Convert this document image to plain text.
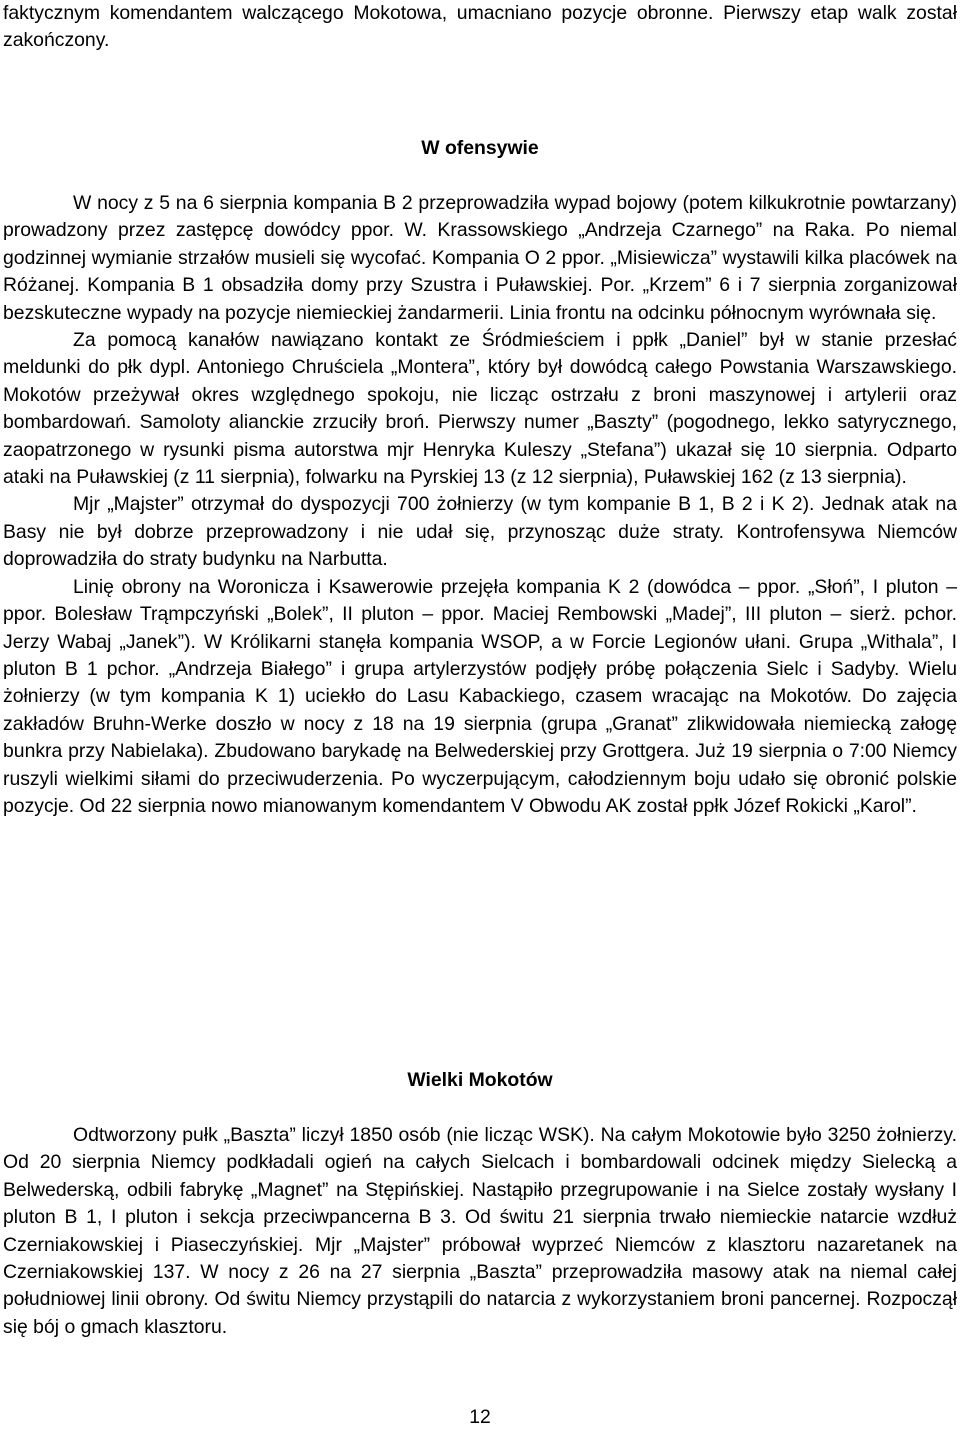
faktycznym komendantem walczącego Mokotowa, umacniano pozycje obronne. Pierwszy etap walk został zakończony.

W ofensywie

W nocy z 5 na 6 sierpnia kompania B 2 przeprowadziła wypad bojowy (potem kilkukrotnie powtarzany) prowadzony przez zastępcę dowódcy ppor. W. Krassowskiego „Andrzeja Czarnego” na Raka. Po niemal godzinnej wymianie strzałów musieli się wycofać. Kompania O 2 ppor. „Misiewicza” wystawili kilka placówek na Różanej. Kompania B 1 obsadziła domy przy Szustra i Puławskiej. Por. „Krzem” 6 i 7 sierpnia zorganizował bezskuteczne wypady na pozycje niemieckiej żandarmerii. Linia frontu na odcinku północnym wyrównała się.

Za pomocą kanałów nawiązano kontakt ze Śródmieściem i ppłk „Daniel” był w stanie przesłać meldunki do płk dypl. Antoniego Chruściela „Montera”, który był dowódcą całego Powstania Warszawskiego. Mokotów przeżywał okres względnego spokoju, nie licząc ostrzału z broni maszynowej i artylerii oraz bombardowań. Samoloty alianckie zrzuciły broń. Pierwszy numer „Baszty” (pogodnego, lekko satyrycznego, zaopatrzonego w rysunki pisma autorstwa mjr Henryka Kuleszy „Stefana”) ukazał się 10 sierpnia. Odparto ataki na Puławskiej (z 11 sierpnia), folwarku na Pyrskiej 13 (z 12 sierpnia), Puławskiej 162 (z 13 sierpnia).

Mjr „Majster” otrzymał do dyspozycji 700 żołnierzy (w tym kompanie B 1, B 2 i K 2). Jednak atak na Basy nie był dobrze przeprowadzony i nie udał się, przynosząc duże straty. Kontrofensywa Niemców doprowadziła do straty budynku na Narbutta.

Linię obrony na Woronicza i Ksawerowie przejęła kompania K 2 (dowódca – ppor. „Słoń”, I pluton – ppor. Bolesław Trąmpczyński „Bolek”, II pluton – ppor. Maciej Rembowski „Madej”, III pluton – sierż. pchor. Jerzy Wabaj „Janek”). W Królikarni stanęła kompania WSOP, a w Forcie Legionów ułani. Grupa „Withala”, I pluton B 1 pchor. „Andrzeja Białego” i grupa artylerzystów podjęły próbę połączenia Sielc i Sadyby. Wielu żołnierzy (w tym kompania K 1) uciekło do Lasu Kabackiego, czasem wracając na Mokotów. Do zajęcia zakładów Bruhn-Werke doszło w nocy z 18 na 19 sierpnia (grupa „Granat” zlikwidowała niemiecką załogę bunkra przy Nabielaka). Zbudowano barykadę na Belwederskiej przy Grottgera. Już 19 sierpnia o 7:00 Niemcy ruszyli wielkimi siłami do przeciwuderzenia. Po wyczerpującym, całodziennym boju udało się obronić polskie pozycje. Od 22 sierpnia nowo mianowanym komendantem V Obwodu AK został ppłk Józef Rokicki „Karol”.

Wielki Mokotów

Odtworzony pułk „Baszta” liczył 1850 osób (nie licząc WSK). Na całym Mokotowie było 3250 żołnierzy. Od 20 sierpnia Niemcy podkładali ogień na całych Sielcach i bombardowali odcinek między Sielecką a Belwederską, odbili fabrykę „Magnet” na Stępińskiej. Nastąpiło przegrupowanie i na Sielce zostały wysłany I pluton B 1, I pluton i sekcja przeciwpancerna B 3. Od świtu 21 sierpnia trwało niemieckie natarcie wzdłuż Czerniakowskiej i Piaseczyńskiej. Mjr „Majster” próbował wyprzeć Niemców z klasztoru nazaretanek na Czerniakowskiej 137. W nocy z 26 na 27 sierpnia „Baszta” przeprowadziła masowy atak na niemal całej południowej linii obrony. Od świtu Niemcy przystąpili do natarcia z wykorzystaniem broni pancernej. Rozpoczął się bój o gmach klasztoru.

12
